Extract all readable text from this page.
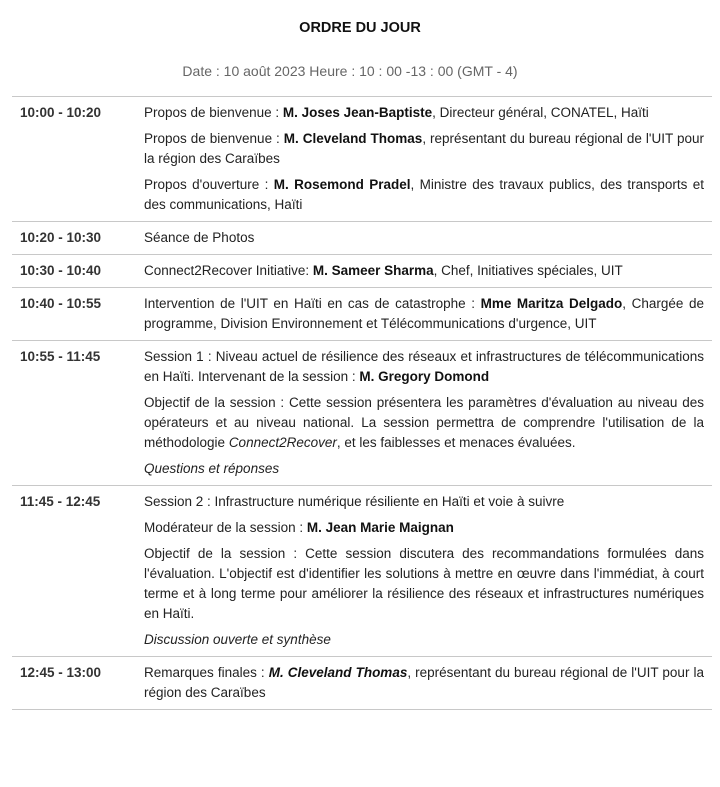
ORDRE DU JOUR
Date : 10 août 2023 Heure : 10 : 00 -13 : 00 (GMT - 4)
10:00 - 10:20	Propos de bienvenue : M. Joses Jean-Baptiste, Directeur général, CONATEL, Haïti
Propos de bienvenue : M. Cleveland Thomas, représentant du bureau régional de l'UIT pour la région des Caraïbes
Propos d'ouverture : M. Rosemond Pradel, Ministre des travaux publics, des transports et des communications, Haïti

10:20 - 10:30	Séance de Photos

10:30 - 10:40	Connect2Recover Initiative: M. Sameer Sharma, Chef, Initiatives spéciales, UIT

10:40 - 10:55	Intervention de l'UIT en Haïti en cas de catastrophe : Mme Maritza Delgado, Chargée de programme, Division Environnement et Télécommunications d'urgence, UIT

10:55 - 11:45	Session 1 : Niveau actuel de résilience des réseaux et infrastructures de télécommunications en Haïti. Intervenant de la session : M. Gregory Domond
Objectif de la session : Cette session présentera les paramètres d'évaluation au niveau des opérateurs et au niveau national. La session permettra de comprendre l'utilisation de la méthodologie Connect2Recover, et les faiblesses et menaces évaluées.
Questions et réponses

11:45 - 12:45	Session 2 : Infrastructure numérique résiliente en Haïti et voie à suivre
Modérateur de la session : M. Jean Marie Maignan
Objectif de la session : Cette session discutera des recommandations formulées dans l'évaluation. L'objectif est d'identifier les solutions à mettre en œuvre dans l'immédiat, à court terme et à long terme pour améliorer la résilience des réseaux et infrastructures numériques en Haïti.
Discussion ouverte et synthèse

12:45 - 13:00	Remarques finales : M. Cleveland Thomas, représentant du bureau régional de l'UIT pour la région des Caraïbes
